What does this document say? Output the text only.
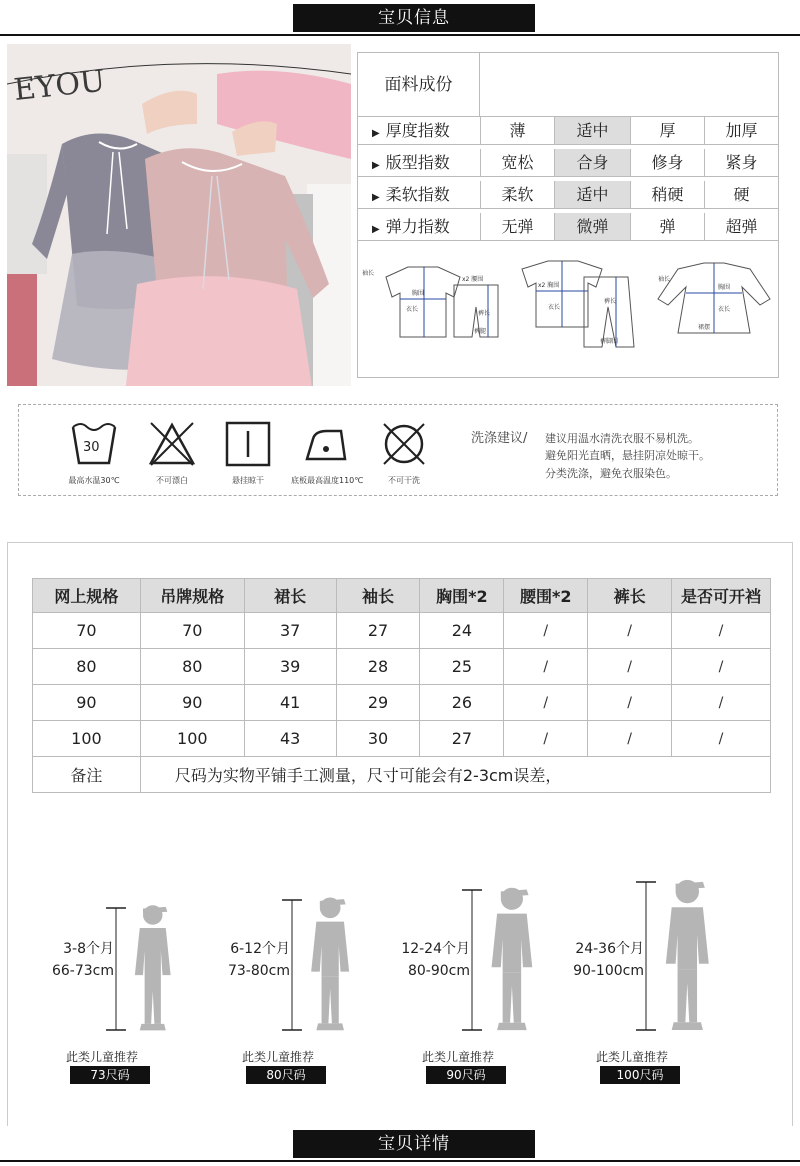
宝贝信息
EYOU	面料成份
▶ 厚度指数	薄	适中	厚	加厚
▶ 版型指数	宽松	合身	修身	紧身
▶ 柔软指数	柔软	适中	稍硬	硬
▶ 弹力指数	无弹	微弹	弹	超弹
袖长
胸围
衣长
x2 腰围
裤长
裤腿
x2 胸围
衣长
裤长
裤脚围
袖长
胸围
衣长
裙摆
30
最高水温30℃	不可漂白	悬挂晾干	底板最高温度110℃	不可干洗
洗涤建议/ 建议用温水清洗衣服不易机洗。
避免阳光直晒，悬挂阴凉处晾干。
分类洗涤，避免衣服染色。
网上规格	吊牌规格	裙长	袖长	胸围*2	腰围*2	裤长	是否可开裆
70	70	37	27	24	/	/	/
80	80	39	28	25	/	/	/
90	90	41	29	26	/	/	/
100	100	43	30	27	/	/	/
备注	尺码为实物平铺手工测量，尺寸可能会有2-3cm误差，						
3-8个月
66-73cm
此类儿童推荐
73尺码
6-12个月
73-80cm
此类儿童推荐
80尺码
12-24个月
80-90cm
此类儿童推荐
90尺码
24-36个月
90-100cm
此类儿童推荐
100尺码
宝贝详情
